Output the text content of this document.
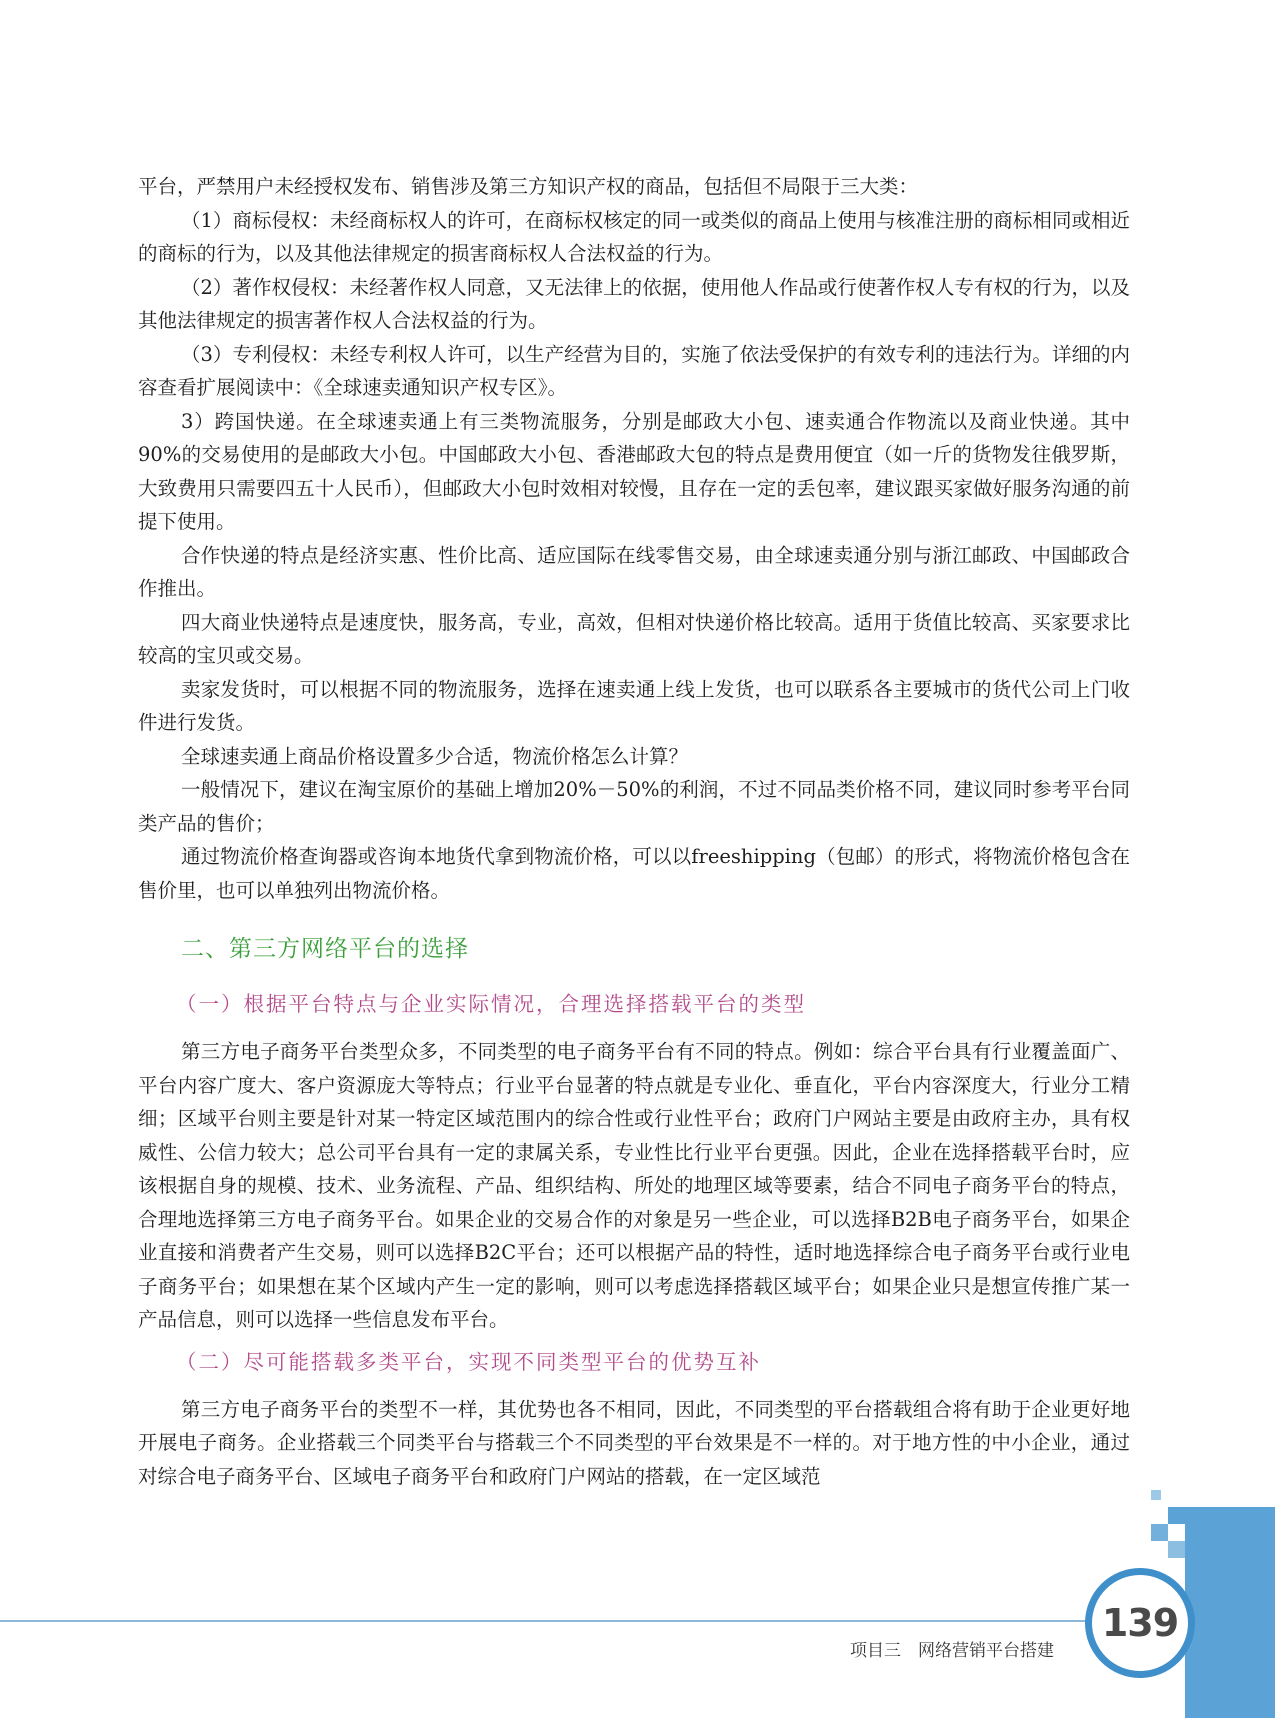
平台，严禁用户未经授权发布、销售涉及第三方知识产权的商品，包括但不局限于三大类：

（1）商标侵权：未经商标权人的许可，在商标权核定的同一或类似的商品上使用与核准注册的商标相同或相近的商标的行为，以及其他法律规定的损害商标权人合法权益的行为。

（2）著作权侵权：未经著作权人同意，又无法律上的依据，使用他人作品或行使著作权人专有权的行为，以及其他法律规定的损害著作权人合法权益的行为。

（3）专利侵权：未经专利权人许可，以生产经营为目的，实施了依法受保护的有效专利的违法行为。详细的内容查看扩展阅读中：《全球速卖通知识产权专区》。

3）跨国快递。在全球速卖通上有三类物流服务，分别是邮政大小包、速卖通合作物流以及商业快递。其中90%的交易使用的是邮政大小包。中国邮政大小包、香港邮政大包的特点是费用便宜（如一斤的货物发往俄罗斯，大致费用只需要四五十人民币），但邮政大小包时效相对较慢，且存在一定的丢包率，建议跟买家做好服务沟通的前提下使用。

合作快递的特点是经济实惠、性价比高、适应国际在线零售交易，由全球速卖通分别与浙江邮政、中国邮政合作推出。

四大商业快递特点是速度快，服务高，专业，高效，但相对快递价格比较高。适用于货值比较高、买家要求比较高的宝贝或交易。

卖家发货时，可以根据不同的物流服务，选择在速卖通上线上发货，也可以联系各主要城市的货代公司上门收件进行发货。

全球速卖通上商品价格设置多少合适，物流价格怎么计算？

一般情况下，建议在淘宝原价的基础上增加20%－50%的利润，不过不同品类价格不同，建议同时参考平台同类产品的售价；

通过物流价格查询器或咨询本地货代拿到物流价格，可以以freeshipping（包邮）的形式，将物流价格包含在售价里，也可以单独列出物流价格。

二、第三方网络平台的选择
（一）根据平台特点与企业实际情况，合理选择搭载平台的类型

第三方电子商务平台类型众多，不同类型的电子商务平台有不同的特点。例如：综合平台具有行业覆盖面广、平台内容广度大、客户资源庞大等特点；行业平台显著的特点就是专业化、垂直化，平台内容深度大，行业分工精细；区域平台则主要是针对某一特定区域范围内的综合性或行业性平台；政府门户网站主要是由政府主办，具有权威性、公信力较大；总公司平台具有一定的隶属关系，专业性比行业平台更强。因此，企业在选择搭载平台时，应该根据自身的规模、技术、业务流程、产品、组织结构、所处的地理区域等要素，结合不同电子商务平台的特点，合理地选择第三方电子商务平台。如果企业的交易合作的对象是另一些企业，可以选择B2B电子商务平台，如果企业直接和消费者产生交易，则可以选择B2C平台；还可以根据产品的特性，适时地选择综合电子商务平台或行业电子商务平台；如果想在某个区域内产生一定的影响，则可以考虑选择搭载区域平台；如果企业只是想宣传推广某一产品信息，则可以选择一些信息发布平台。

（二）尽可能搭载多类平台，实现不同类型平台的优势互补

第三方电子商务平台的类型不一样，其优势也各不相同，因此，不同类型的平台搭载组合将有助于企业更好地开展电子商务。企业搭载三个同类平台与搭载三个不同类型的平台效果是不一样的。对于地方性的中小企业，通过对综合电子商务平台、区域电子商务平台和政府门户网站的搭载，在一定区域范

项目三　网络营销平台搭建
139
